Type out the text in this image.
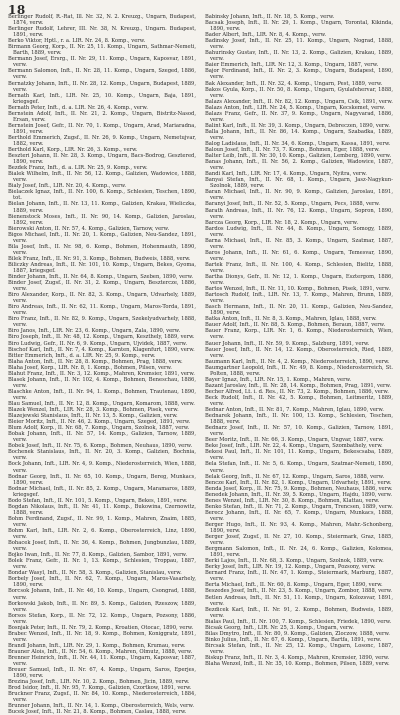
18
Berlinger Rudolf, R.-Rat, Ill. Nr. 32, N. 2. Kreuzg., Ungarn, Budapest, 1874, verw.
Berlinger Rudolf, Lehrer, III. Nr. 38, N. Kreuzg., Ungarn. Budapest, 1891, verw.
Berko Viktor, Hptl., r. a. LIR. Nr. 24, 8. Komp., verw.
Birmann Georg, Korp., II. Nr. 25, 11. Komp., Ungarn, Sathmar-Nemeti, Barth, 1889, verw.
Bermann Josef, Ersrg., II. Nr. 29, 11. Komp., Ungarn, Kaposvar, 1891, verw.
Bermann Salomon, Inft., II. Nr. 28, 11. Komp., Ungarn, Szeged, 1886, verw.
Bernatzky Johann, Inft., II. Nr. 28, 12. Komp., Ungarn, Budapest, 1889, verw.
Bernath Karl, Inft., LIR. Nr. 25, 10. Komp., Ungarn, Baja, 1891, kriegsgef.
Bernath Peter, Inft., d. a. LIR. Nr. 26, 4. Komp., verw.
Bernstein Adolf, Inft., II. Nr. 21, 2. Komp., Ungarn, Bistritz-Nasod, Ersan, verw.
Bernstein Josef, Gefr., II. Nr. 70, 1. Komp., Ungarn, Arad, Mariaradna, 1891, verw.
Berthold Emmerich, Zugsf., II. Nr. 26, 9. Komp., Ungarn, Nemetujvar, 1882, verw.
Berthold Karl, Korp., LIR. Nr. 26, 3. Komp., verw.
Beszteri Johann, II. Nr. 28, 3. Komp., Ungarn, Bacs-Bodrog, Gesztered, 1890, verw.
Bezdek Franz, Inft., d. a. LIR. Nr. 25, 9. Komp., verw.
Bialek Wilhelm, Inft., II. Nr. 56, 12. Komp., Galizien, Wadowice, 1888, verw.
Bialy Josef, Inft., LIR. Nr. 20, 4. Komp., verw.
Bielaczek Ignaz, Inft., II. Nr. 100, 6. Komp., Schlesien, Teschen, 1890, tot.
Bielan Johann, Inft., II. Nr. 13, 11. Komp., Galizien, Krakau, Wieliczka, 1889, verw.
Bienenstock Moses, Inft., II. Nr. 90, 14. Komp., Galizien, Jaroslau, 1892, verw.
Bierowski Anton, II. Nr. 57, 4. Komp., Galizien, Tarnow, verw.
Bigos Michael, Inft., II. Nr. 20, 1. Komp., Galizien, Neu-Sandez, 1891, verw.
Bila Josef, Inft., II. Nr. 98, 6. Komp., Bohmen, Hohenmauth, 1890, verw.
Bilek Franz, Inft., II. Nr. 91, 3. Komp., Bohmen, Budweis, 1888, verw.
Biliczky Andreas, Inft., II. Nr. 101, 10. Komp., Ungarn, Bekes, Gyoma, 1887, kriegsgef.
Binder Johann, Inft., II. Nr. 64, 8. Komp., Ungarn, Szeben, 1890, verw.
Binder Josef, Zugsf., II. Nr. 31, 2. Komp., Ungarn, Besztercze, 1886, verw.
Biro Alexander, Korp., II. Nr. 82, 3. Komp., Ungarn, Udvarhely, 1889, verw.
Biro Andreas, Inft., II. Nr. 62, 11. Komp., Ungarn, Maros-Torda, 1891, verw.
Biro Franz, Inft., II. Nr. 82, 9. Komp., Ungarn, Szekelyudvarhely, 1888, verw.
Biro Janos, Inft., LIR. Nr. 23, 6. Komp., Ungarn, Zala, 1890, verw.
Biro Joseph, Inft., II. Nr. 48, 12. Komp., Ungarn, Keszthely, 1889, verw.
Biro Ludwig, Gefr., II. Nr. 6, 9. Komp., Ungarn, Ujvidek, 1887, verw.
Bischof Karl, Inft., II. Nr. 7, 4. Komp., Karnten, Klagenfurt, 1890, verw.
Bitter Emmerich, Inft., d. a. LIR. Nr. 25, 9. Komp., verw.
Blaha Anton, Inft., II. Nr. 28, 8. Komp., Bohmen, Prag, 1888, verw.
Blaha Josef, Korp., LIR. Nr. 8, 1. Komp., Bohmen, Pilsen, verw.
Blahut Franz, Inft., II. Nr. 3, 12. Komp., Mahren, Kremsier, 1891, verw.
Blasek Johann, Inft., II. Nr. 102, 4. Komp., Bohmen, Beneschau, 1886, verw.
Blaschke Anton, Inft., II. Nr. 94, 1. Komp., Bohmen, Trautenau, 1890, verw.
Blau Samuel, Inft., II. Nr. 12, 8. Komp., Ungarn, Komarom, 1888, verw.
Blazek Wenzel, Inft., LIR. Nr. 28, 3. Komp., Bohmen, Pisek, verw.
Blazejewski Stanislaus, Inft., II. Nr. 13, 5. Komp., Galizien, verw.
Bleier Moritz, Inft., II. Nr. 46, 2. Komp., Ungarn, Szeged, 1891, verw.
Blum Adolf, Korp., II. Nr. 68, 7. Komp., Ungarn, Szolnok, 1887, verw.
Bobak Johann, Inft., II. Nr. 57, 14. Komp., Galizien, Tarnow, 1889, verw.
Bobek Josef, Inft., II. Nr. 75, 6. Komp., Bohmen, Neuhaus, 1890, verw.
Bochenek Stanislaus, Inft., II. Nr. 20, 3. Komp., Galizien, Bochnia, verw.
Bock Johann, Inft., LIR. Nr. 4, 9. Komp., Niederosterreich, Wien, 1888, verw.
Bodnar Georg, Inft., II. Nr. 65, 10. Komp., Ungarn, Bereg, Munkacs, 1890, verw.
Bodnar Michael, Inft., II. Nr. 85, 2. Komp., Ungarn, Maramaros, 1889, kriegsgef.
Bodo Stefan, Inft., II. Nr. 101, 5. Komp., Ungarn, Bekes, 1891, verw.
Bogdan Nikolaus, Inft., II. Nr. 41, 11. Komp., Bukowina, Czernowitz, 1888, verw.
Bohm Ferdinand, Zugsf., II. Nr. 99, 1. Komp., Mahren, Znaim, 1885, verw.
Bohm Karl, Inft., LIR. Nr. 2, 6. Komp., Oberosterreich, Linz, 1890, verw.
Bohacek Josef, Inft., II. Nr. 36, 4. Komp., Bohmen, Jungbunzlau, 1889, verw.
Bojko Iwan, Inft., II. Nr. 77, 8. Komp., Galizien, Sambor, 1891, verw.
Bolek Franz, Gefr., II. Nr. 1, 13. Komp., Schlesien, Troppau, 1887, verw.
Bondar Wasyl, Inft., II. Nr. 58, 3. Komp., Galizien, Stanislau, verw.
Borbely Josef, Inft., II. Nr. 62, 7. Komp., Ungarn, Maros-Vasarhely, 1890, verw.
Borcsok Johann, Inft., II. Nr. 46, 10. Komp., Ungarn, Csongrad, 1888, verw.
Borkowski Jakob, Inft., II. Nr. 89, 5. Komp., Galizien, Rzeszow, 1889, verw.
Borsos Stefan, Korp., II. Nr. 72, 12. Komp., Ungarn, Pozsony, 1886, verw.
Bosnjak Peter, Inft., II. Nr. 79, 2. Komp., Kroatien, Otocac, 1890, verw.
Brabec Wenzel, Inft., II. Nr. 18, 9. Komp., Bohmen, Koniggratz, 1891, verw.
Brandl Johann, Inft., LIR. Nr. 29, 1. Komp., Bohmen, Krumau, verw.
Brauner Alois, Inft., II. Nr. 54, 6. Komp., Mahren, Olmutz, 1888, verw.
Brenner Heinrich, Inft., II. Nr. 44, 11. Komp., Ungarn, Kaposvar, 1887, verw.
Breuer Samuel, Inft., II. Nr. 67, 4. Komp., Ungarn, Saros, Eperjes, 1890, verw.
Brezina Josef, Inft., LIR. Nr. 10, 2. Komp., Bohmen, Jicin, 1889, verw.
Brod Isidor, Inft., II. Nr. 95, 7. Komp., Galizien, Czortkow, 1891, verw.
Bruckner Franz, Zugsf., II. Nr. 84, 10. Komp., Niederosterreich, 1884, verw.
Brunner Johann, Inft., II. Nr. 14, 1. Komp., Oberosterreich, Wels, verw.
Bucek Josef, Inft., II. Nr. 21, 8. Komp., Bohmen, Caslau, 1888, verw.
Babinsky Johann, Inft., II. Nr. 18, 5. Komp., verw.
Bacsak Joseph, Inft., II. Nr. 29, 1. Komp., Ungarn, Torontal, Kikinda, 1890, verw.
Bader Albert, Inft., LIR. Nr. 8, 4. Komp., verw.
Badinsky Josef, Inft., II. Nr. 25, 11. Komp., Ungarn, Nograd, 1888, verw.
Bahurinsky Gustav, Inft., II. Nr. 13, 2. Komp., Galizien, Krakau, 1889, verw.
Baier Emmerich, Inft., LIR. Nr. 12, 3. Komp., Ungarn, 1887, verw.
Bajor Ferdinand, Inft., II. Nr. 2, 3. Komp., Ungarn, Budapest, 1890, verw.
Bak Alexander, Inft., II. Nr. 32, 4. Komp., Ungarn, Pest, 1889, verw.
Bakos Gyula, Korp., II. Nr. 50, 8. Komp., Ungarn, Gyulafehervar, 1888, verw.
Balazs Alexander, Inft., II. Nr. 82, 12. Komp., Ungarn, Csik, 1891, verw.
Balazs Anton, Inft., LIR. Nr. 24, 5. Komp., Ungarn, Kecskemet, verw.
Balazs Franz, Gefr., II. Nr. 37, 9. Komp., Ungarn, Nagyvarad, 1886, verw.
Balint Karl, Inft., II. Nr. 39, 3. Komp., Ungarn, Debreczen, 1890, verw.
Balla Johann, Inft., II. Nr. 86, 14. Komp., Ungarn, Szabadka, 1889, verw.
Balog Ladislaus, Inft., II. Nr. 34, 6. Komp., Ungarn, Kassa, 1891, verw.
Baloun Josef, Inft., II. Nr. 73, 7. Komp., Bohmen, Eger, 1888, verw.
Balter Leib, Inft., II. Nr. 30, 10. Komp., Galizien, Lemberg, 1890, verw.
Banas Johann, Inft., II. Nr. 56, 2. Komp., Galizien, Wadowice, 1887, verw.
Bandi Karl, Inft., LIR. Nr. 17, 4. Komp., Ungarn, Nyitra, verw.
Banyai Stefan, Inft., II. Nr. 68, 1. Komp., Ungarn, Jasz-Nagykun-Szolnok, 1889, verw.
Baran Michael, Inft., II. Nr. 90, 9. Komp., Galizien, Jaroslau, 1891, verw.
Baranyi Josef, Inft., II. Nr. 52, 5. Komp., Ungarn, Pecs, 1888, verw.
Barath Andreas, Inft., II. Nr. 76, 12. Komp., Ungarn, Sopron, 1890, verw.
Barcza Georg, Korp., LIR. Nr. 18, 2. Komp., Ungarn, verw.
Bardos Ludwig, Inft., II. Nr. 44, 8. Komp., Ungarn, Somogy, 1889, verw.
Barna Michael, Inft., II. Nr. 85, 3. Komp., Ungarn, Szatmar, 1887, verw.
Baros Johann, Inft., II. Nr. 61, 6. Komp., Ungarn, Temesvar, 1890, verw.
Bartek Franz, Inft., II. Nr. 100, 4. Komp., Schlesien, Bielitz, 1888, verw.
Bartha Dionys, Gefr., II. Nr. 12, 1. Komp., Ungarn, Esztergom, 1886, verw.
Bartos Wenzel, Inft., II. Nr. 11, 10. Komp., Bohmen, Pisek, 1891, verw.
Bartosch Rudolf, Inft., LIR. Nr. 13, 7. Komp., Mahren, Brunn, 1889, verw.
Basch Hermann, Inft., II. Nr. 20, 11. Komp., Galizien, Neu-Sandez, 1890, verw.
Batka Anton, Inft., II. Nr. 8, 3. Komp., Mahren, Iglau, 1888, verw.
Bauer Adolf, Inft., II. Nr. 88, 5. Komp., Bohmen, Beraun, 1887, verw.
Bauer Franz, Korp., LIR. Nr. 1, 6. Komp., Niederosterreich, Wien, verw.
Bauer Johann, Inft., II. Nr. 59, 9. Komp., Salzburg, 1891, verw.
Bauer Josef, Inft., II. Nr. 14, 12. Komp., Oberosterreich, Ried, 1889, verw.
Baumann Karl, Inft., II. Nr. 4, 2. Komp., Niederosterreich, 1890, verw.
Baumgartner Leopold, Inft., II. Nr. 49, 8. Komp., Niederosterreich, St. Polten, 1888, verw.
Bayer Ignaz, Inft., LIR. Nr. 15, 1. Komp., Mahren, verw.
Bazant Jaroslav, Inft., II. Nr. 28, 14. Komp., Bohmen, Prag, 1891, verw.
Becher Alfred, Lt. i. d. Res., II. Nr. 73, 2. Komp., Bohmen, 1886, verw.
Beck Rudolf, Inft., II. Nr. 42, 5. Komp., Bohmen, Leitmeritz, 1889, verw.
Bednar Anton, Inft., II. Nr. 81, 7. Komp., Mahren, Iglau, 1890, verw.
Bednarek Johann, Inft., II. Nr. 100, 13. Komp., Schlesien, Teschen, 1888, verw.
Bednarz Josef, Inft., II. Nr. 57, 10. Komp., Galizien, Tarnow, 1891, verw.
Beer Moritz, Inft., II. Nr. 66, 3. Komp., Ungarn, Ungvar, 1887, verw.
Beke Josef, Inft., LIR. Nr. 22, 4. Komp., Ungarn, Szombathely, verw.
Bekesi Paul, Inft., II. Nr. 101, 11. Komp., Ungarn, Bekescsaba, 1889, verw.
Bela Stefan, Inft., II. Nr. 5, 6. Komp., Ungarn, Szatmar-Nemeti, 1890, verw.
Belak Georg, Inft., II. Nr. 67, 12. Komp., Ungarn, Saros, 1888, verw.
Bencze Karl, Inft., II. Nr. 82, 1. Komp., Ungarn, Udvarhely, 1891, verw.
Benda Josef, Korp., II. Nr. 75, 9. Komp., Bohmen, Neuhaus, 1886, verw.
Benedek Johann, Inft., II. Nr. 39, 5. Komp., Ungarn, Hajdu, 1890, verw.
Benes Wenzel, Inft., LIR. Nr. 30, 8. Komp., Bohmen, Klattau, verw.
Benko Stefan, Inft., II. Nr. 71, 2. Komp., Ungarn, Trencsen, 1889, verw.
Berecz Johann, Inft., II. Nr. 65, 7. Komp., Ungarn, Munkacs, 1888, verw.
Berger Hugo, Inft., II. Nr. 93, 4. Komp., Mahren, Mahr.-Schonberg, 1890, verw.
Berger Josef, Zugsf., II. Nr. 27, 10. Komp., Steiermark, Graz, 1885, verw.
Bergmann Salomon, Inft., II. Nr. 24, 6. Komp., Galizien, Kolomea, 1891, verw.
Berki Lajos, Inft., II. Nr. 68, 3. Komp., Ungarn, Szolnok, 1889, verw.
Berky Josef, Inft., LIR. Nr. 19, 12. Komp., Ungarn, Pozsony, verw.
Bernard Franz, Inft., II. Nr. 47, 1. Komp., Steiermark, Marburg, 1887, verw.
Berta Michael, Inft., II. Nr. 60, 8. Komp., Ungarn, Eger, 1890, verw.
Beszedes Josef, Inft., II. Nr. 23, 5. Komp., Ungarn, Zombor, 1888, verw.
Betlen Andreas, Inft., II. Nr. 51, 11. Komp., Ungarn, Kolozsvar, 1891, verw.
Bezdicek Karl, Inft., II. Nr. 91, 2. Komp., Bohmen, Budweis, 1889, verw.
Bialas Paul, Inft., II. Nr. 100, 7. Komp., Schlesien, Friedek, 1890, verw.
Bicsak Georg, Inft., LIR. Nr. 25, 3. Komp., Ungarn, verw.
Bilas Dmytro, Inft., II. Nr. 80, 9. Komp., Galizien, Zloczow, 1888, verw.
Binko Julius, Inft., II. Nr. 67, 6. Komp., Ungarn, Bartfa, 1891, verw.
Bircsak Stefan, Inft., II. Nr. 25, 12. Komp., Ungarn, Losonc, 1887, verw.
Biskup Franz, Inft., II. Nr. 3, 4. Komp., Mahren, Kremsier, 1890, verw.
Blaha Wenzel, Inft., II. Nr. 35, 10. Komp., Bohmen, Pilsen, 1889, verw.
